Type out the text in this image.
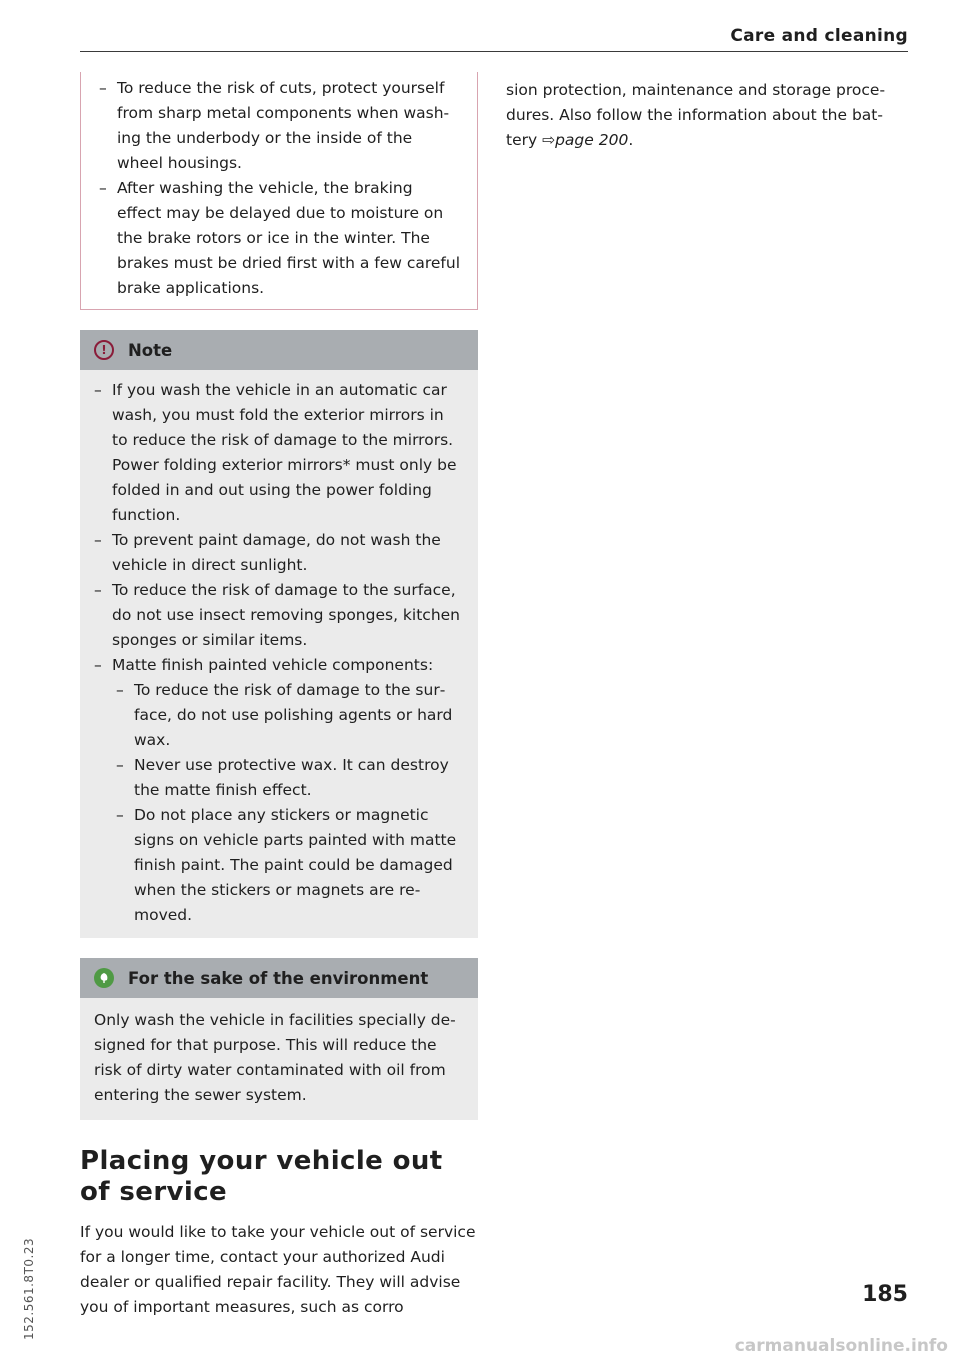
Care and cleaning
– To reduce the risk of cuts, protect yourself from sharp metal components when washing the underbody or the inside of the wheel housings.
– After washing the vehicle, the braking effect may be delayed due to moisture on the brake rotors or ice in the winter. The brakes must be dried first with a few careful brake applications.
! Note
– If you wash the vehicle in an automatic car wash, you must fold the exterior mirrors in to reduce the risk of damage to the mirrors. Power folding exterior mirrors* must only be folded in and out using the power folding function.
– To prevent paint damage, do not wash the vehicle in direct sunlight.
– To reduce the risk of damage to the surface, do not use insect removing sponges, kitchen sponges or similar items.
– Matte finish painted vehicle components:
– To reduce the risk of damage to the surface, do not use polishing agents or hard wax.
– Never use protective wax. It can destroy the matte finish effect.
– Do not place any stickers or magnetic signs on vehicle parts painted with matte finish paint. The paint could be damaged when the stickers or magnets are removed.
For the sake of the environment
Only wash the vehicle in facilities specially designed for that purpose. This will reduce the risk of dirty water contaminated with oil from entering the sewer system.
Placing your vehicle out of service
If you would like to take your vehicle out of service for a longer time, contact your authorized Audi dealer or qualified repair facility. They will advise you of important measures, such as corro
sion protection, maintenance and storage procedures. Also follow the information about the battery ⇨page 200.
185
152.561.8T0.23
carmanualsonline.info
